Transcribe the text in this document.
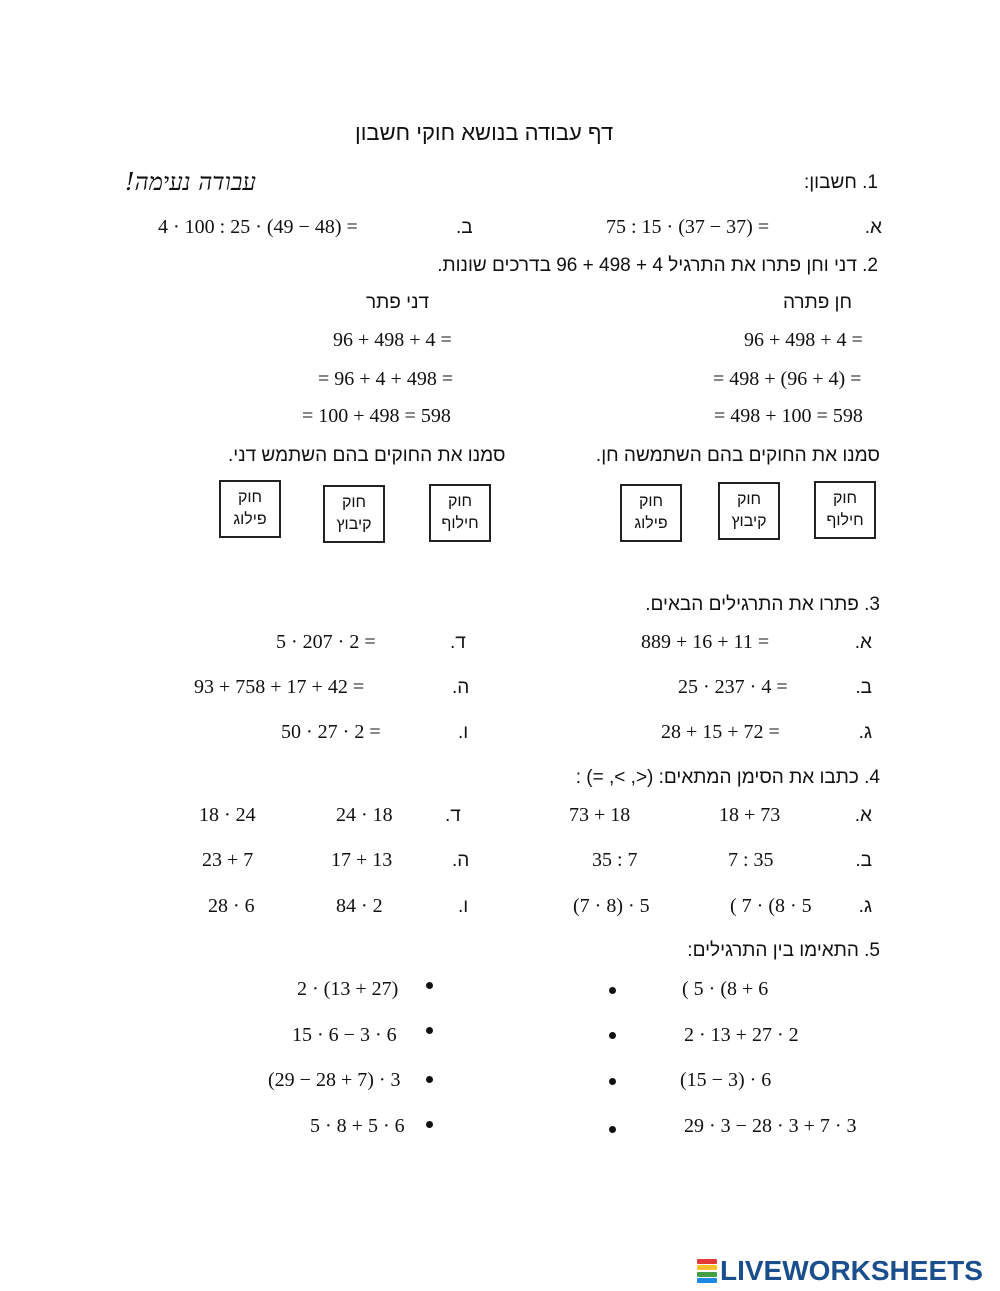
דף עבודה בנושא חוקי חשבון
עבודה נעימה!	1. חשבון:
א.
75 : 15 · (37 − 37) =
ב.
4 · 100 : 25 · (49 − 48) =
2. דני וחן פתרו את התרגיל 4 + 498 + 96 בדרכים שונות.
חן פתרה
דני פתר
96 + 498 + 4 =
= 498 + (96 + 4) =
= 498 + 100 = 598
96 + 498 + 4 =
= 96 + 4 + 498 =
= 100 + 498 = 598
סמנו את החוקים בהם השתמשה חן.
סמנו את החוקים בהם השתמש דני.
חוק
חילוף
חוק
קיבוץ
חוק
פילוג
חוק
חילוף
חוק
קיבוץ
חוק
פילוג
3. פתרו את התרגילים הבאים.
א.
889 + 16 + 11 =
ב.
25 · 237 · 4 =
ג.
28 + 15 + 72 =
ד.
5 · 207 · 2 =
ה.
93 + 758 + 17 + 42 =
ו.
50 · 27 · 2 =
4. כתבו את הסימן המתאים: (<, >, =) :
א.
18 + 73
73 + 18
ב.
7 : 35
35 : 7
ג.
( 7 · (8 · 5
(7 · 8) · 5
ד.
24 · 18
18 · 24
ה.
17 + 13
23 + 7
ו.
84 · 2
28 · 6
5. התאימו בין התרגילים:
( 5 · (8 + 6
2 · 13 + 27 · 2
(15 − 3) · 6
29 · 3 − 28 · 3 + 7 · 3
2 · (13 + 27)
15 · 6 − 3 · 6
(29 − 28 + 7) · 3
5 · 8 + 5 · 6
LIVEWORKSHEETS
